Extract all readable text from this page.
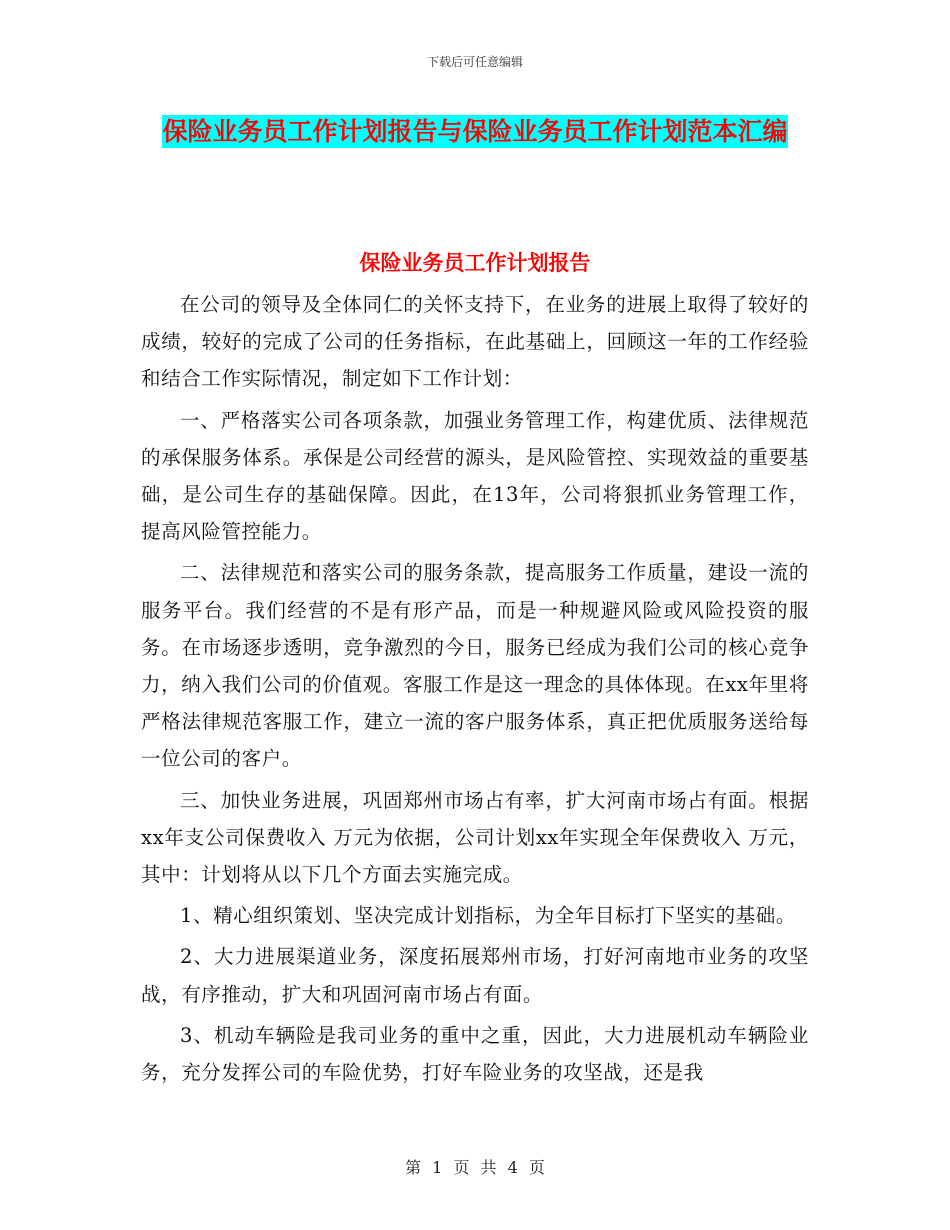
下载后可任意编辑
保险业务员工作计划报告与保险业务员工作计划范本汇编
保险业务员工作计划报告

在公司的领导及全体同仁的关怀支持下，在业务的进展上取得了较好的成绩，较好的完成了公司的任务指标，在此基础上，回顾这一年的工作经验和结合工作实际情况，制定如下工作计划：

一、严格落实公司各项条款，加强业务管理工作，构建优质、法律规范的承保服务体系。承保是公司经营的源头，是风险管控、实现效益的重要基础，是公司生存的基础保障。因此，在13年，公司将狠抓业务管理工作，提高风险管控能力。

二、法律规范和落实公司的服务条款，提高服务工作质量，建设一流的服务平台。我们经营的不是有形产品，而是一种规避风险或风险投资的服务。在市场逐步透明，竞争激烈的今日，服务已经成为我们公司的核心竞争力，纳入我们公司的价值观。客服工作是这一理念的具体体现。在xx年里将严格法律规范客服工作，建立一流的客户服务体系，真正把优质服务送给每一位公司的客户。

三、加快业务进展，巩固郑州市场占有率，扩大河南市场占有面。根据xx年支公司保费收入 万元为依据，公司计划xx年实现全年保费收入 万元，其中：计划将从以下几个方面去实施完成。

1、精心组织策划、坚决完成计划指标，为全年目标打下坚实的基础。

2、大力进展渠道业务，深度拓展郑州市场，打好河南地市业务的攻坚战，有序推动，扩大和巩固河南市场占有面。

3、机动车辆险是我司业务的重中之重，因此，大力进展机动车辆险业务，充分发挥公司的车险优势，打好车险业务的攻坚战，还是我

第 1 页 共 4 页
